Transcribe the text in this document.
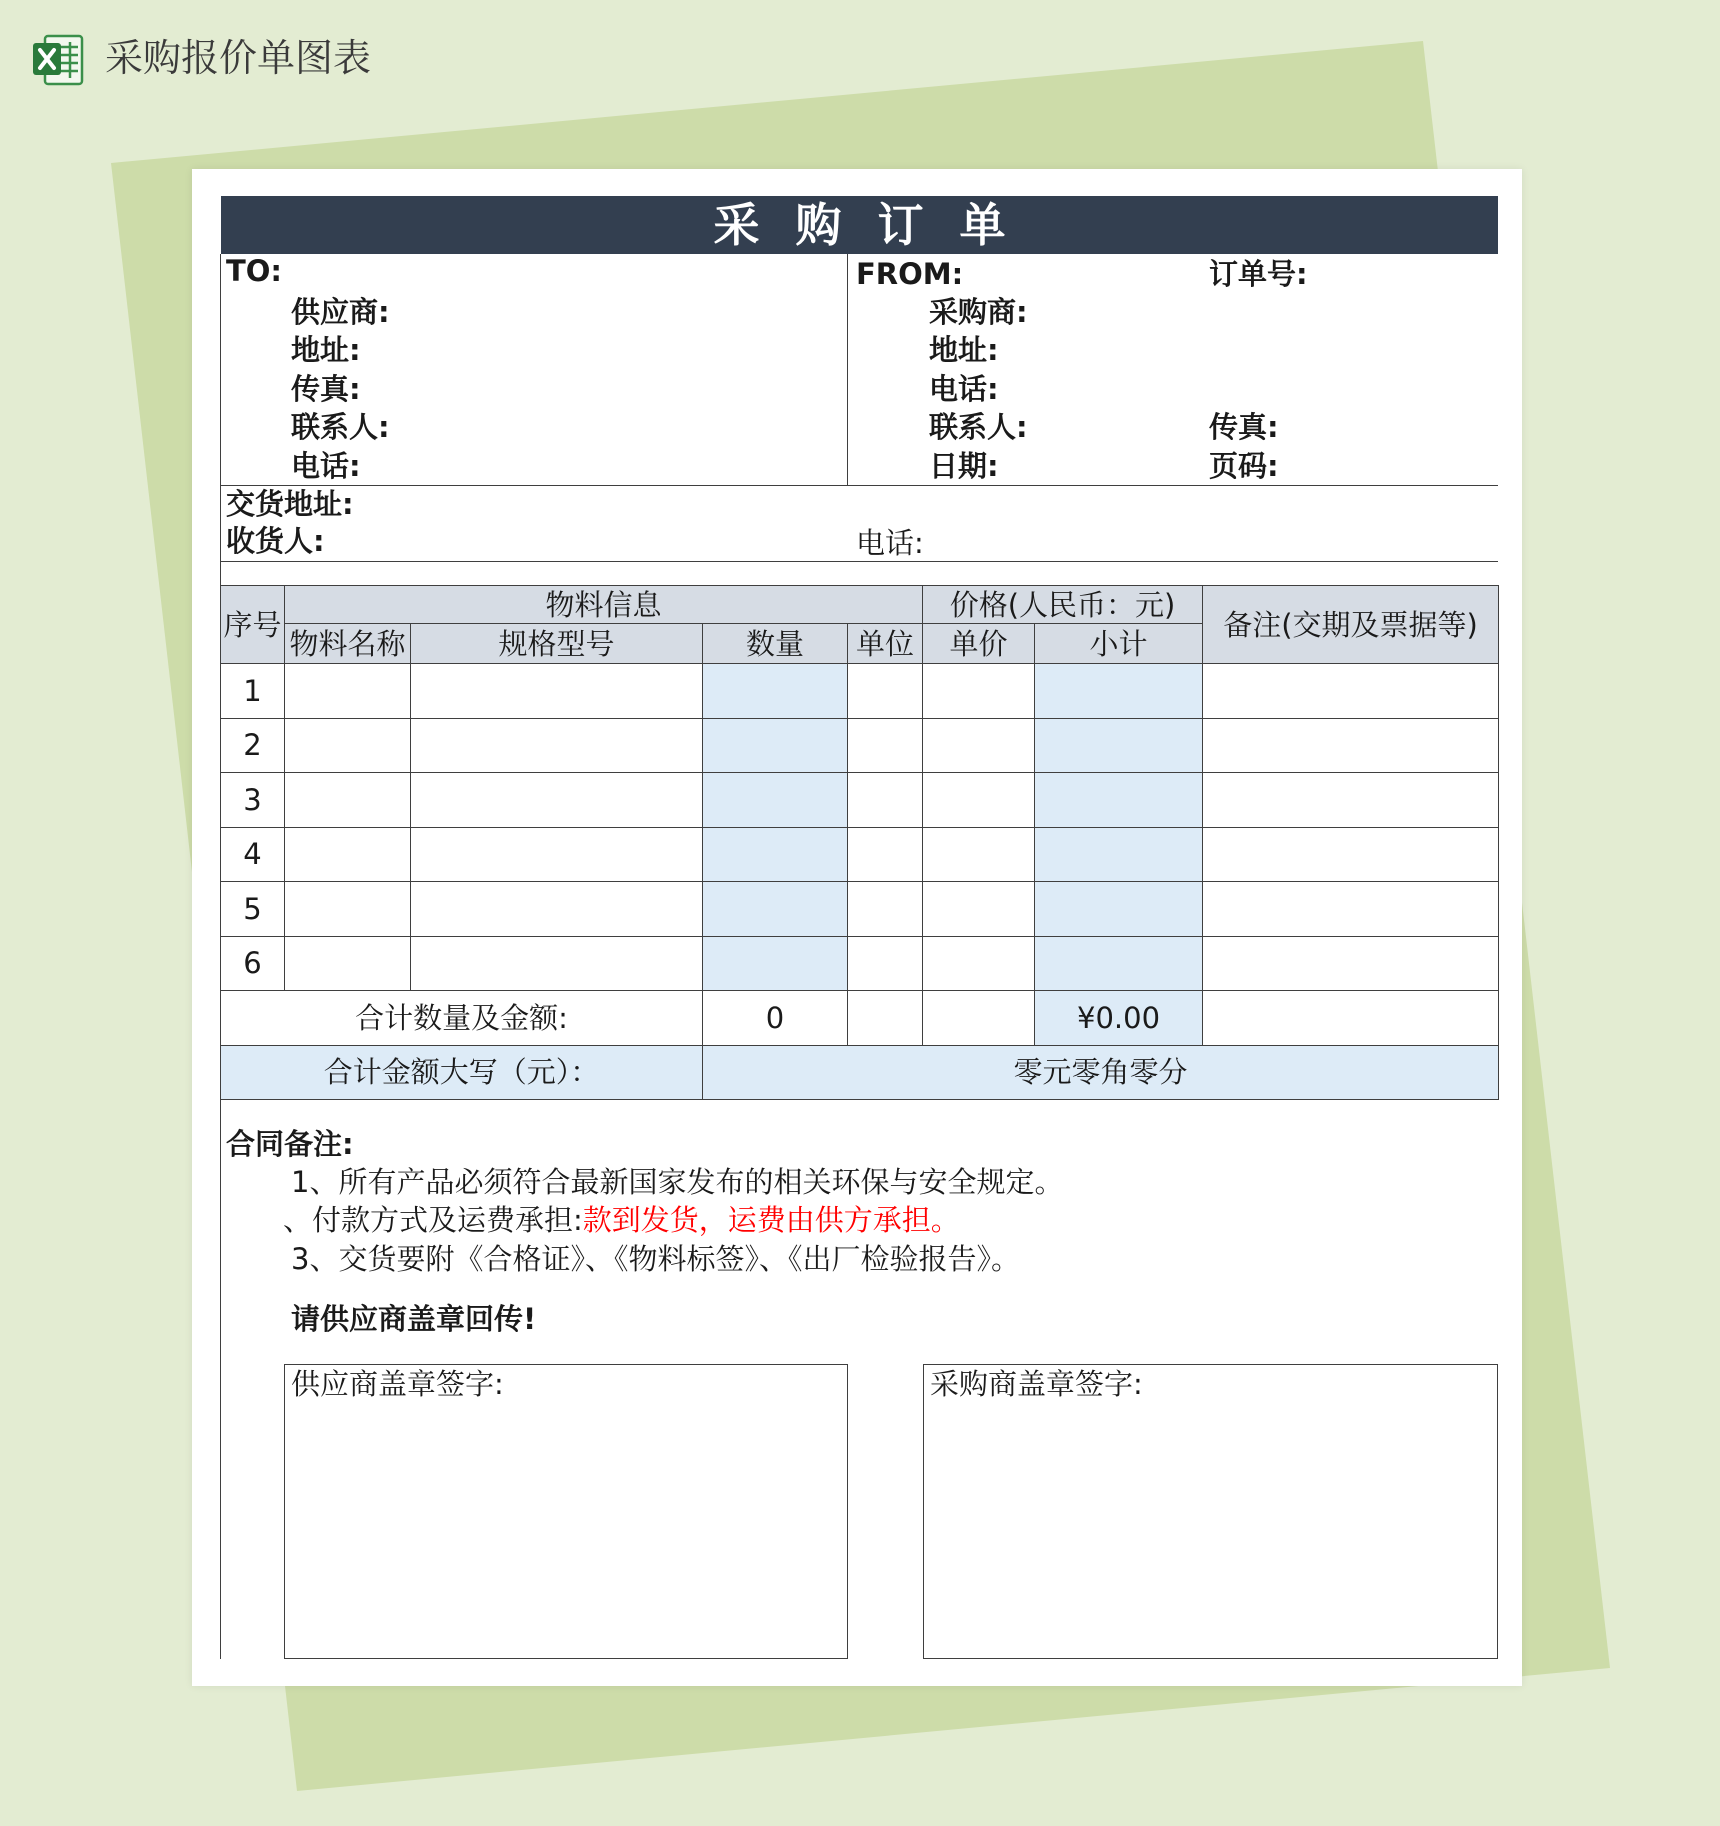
采购报价单图表
采 购 订 单
TO:
供应商:
地址:
传真:
联系人:
电话:
FROM:
采购商:
地址:
电话:
联系人:
日期:
订单号:
传真:
页码:
交货地址:
收货人:	电话:
序号	物料信息				价格(人民币：元)		备注(交期及票据等)
	物料名称	规格型号	数量	单位	单价	小计	
1							
2							
3							
4							
5							
6							
合计数量及金额:			0			¥0.00	
合计金额大写（元）：			零元零角零分				
合同备注:
1、所有产品必须符合最新国家发布的相关环保与安全规定。
、付款方式及运费承担:款到发货，运费由供方承担。
3、交货要附《合格证》、《物料标签》、《出厂检验报告》。
请供应商盖章回传!
供应商盖章签字:	采购商盖章签字:
